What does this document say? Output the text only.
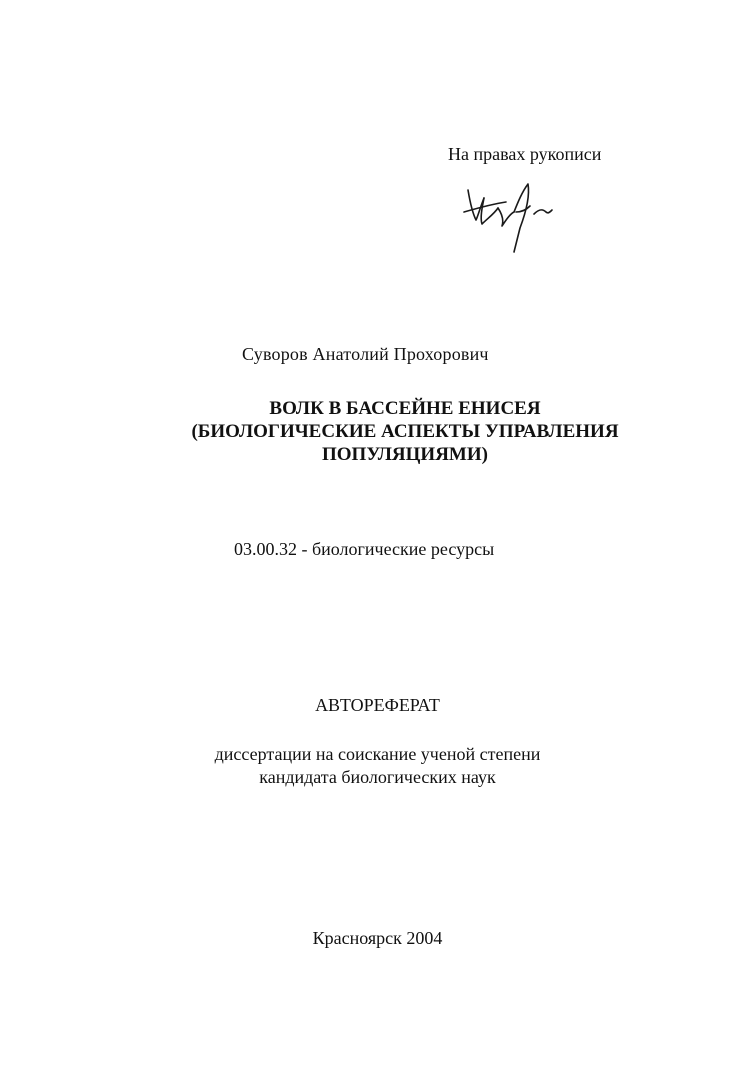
На правах рукописи
Суворов Анатолий Прохорович
ВОЛК В БАССЕЙНЕ ЕНИСЕЯ
(БИОЛОГИЧЕСКИЕ АСПЕКТЫ УПРАВЛЕНИЯ
ПОПУЛЯЦИЯМИ)
03.00.32 - биологические ресурсы
АВТОРЕФЕРАТ
диссертации на соискание ученой степени
кандидата биологических наук
Красноярск 2004
